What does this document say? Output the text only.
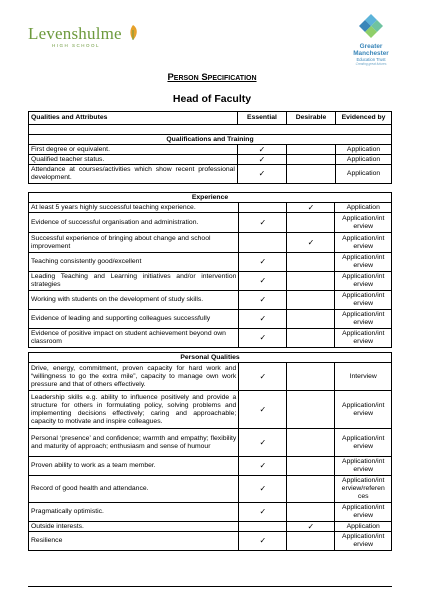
Levenshulme
HIGH SCHOOL	Greater
Manchester
Education Trust
Creating great futures
Person Specification
Head of Faculty
Qualities and Attributes	Essential	Desirable	Evidenced by

Qualifications and Training			
First degree or equivalent.	✓		Application
Qualified teacher status.	✓		Application
Attendance at courses/activities which show recent professional development.	✓		Application
Experience			
At least 5 years highly successful teaching experience.		✓	Application
Evidence of successful organisation and administration.	✓		Application/int erview
Successful experience of bringing about change and school improvement		✓	Application/int erview
Teaching consistently good/excellent	✓		Application/int erview
Leading Teaching and Learning initiatives and/or intervention strategies	✓		Application/int erview
Working with students on the development of study skills.	✓		Application/int erview
Evidence of leading and supporting colleagues successfully	✓		Application/int erview
Evidence of positive impact on student achievement beyond own classroom	✓		Application/int erview
Personal Qualities			
Drive, energy, commitment, proven capacity for hard work and “willingness to go the extra mile”, capacity to manage own work pressure and that of others effectively.	✓		Interview
Leadership skills e.g. ability to influence positively and provide a structure for others in formulating policy, solving problems and implementing decisions effectively; caring and approachable; capacity to motivate and inspire colleagues.	✓		Application/int erview
Personal ‘presence’ and confidence; warmth and empathy; flexibility and maturity of approach; enthusiasm and sense of humour	✓		Application/int erview
Proven ability to work as a team member.	✓		Application/int erview
Record of good health and attendance.	✓		Application/int erview/referen ces
Pragmatically optimistic.	✓		Application/int erview
Outside interests.		✓	Application
Resilience	✓		Application/int erview
